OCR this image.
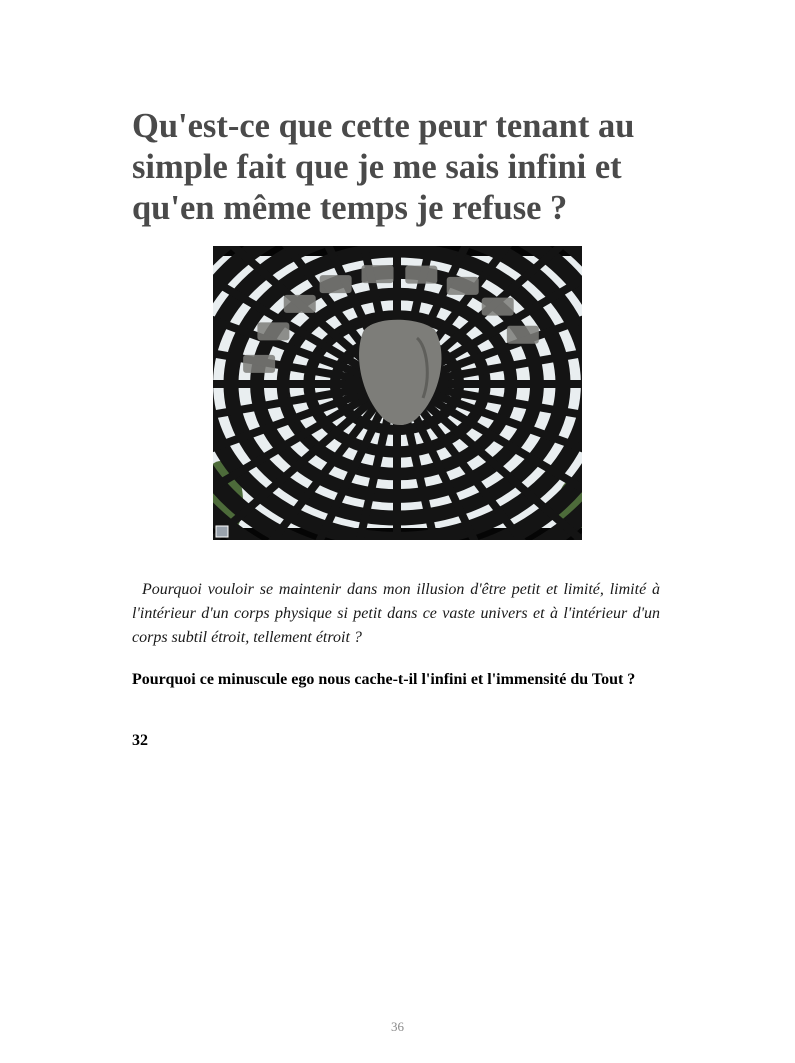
Qu'est-ce que cette peur tenant au
simple fait que je me sais infini et
qu'en même temps je refuse ?

Pourquoi vouloir se maintenir dans mon illusion d'être petit et limité, limité à l'intérieur d'un corps physique si petit dans ce vaste univers et à l'intérieur d'un corps subtil étroit, tellement étroit ?

Pourquoi ce minuscule ego nous cache-t-il l'infini et l'immensité du Tout ?

32

36
